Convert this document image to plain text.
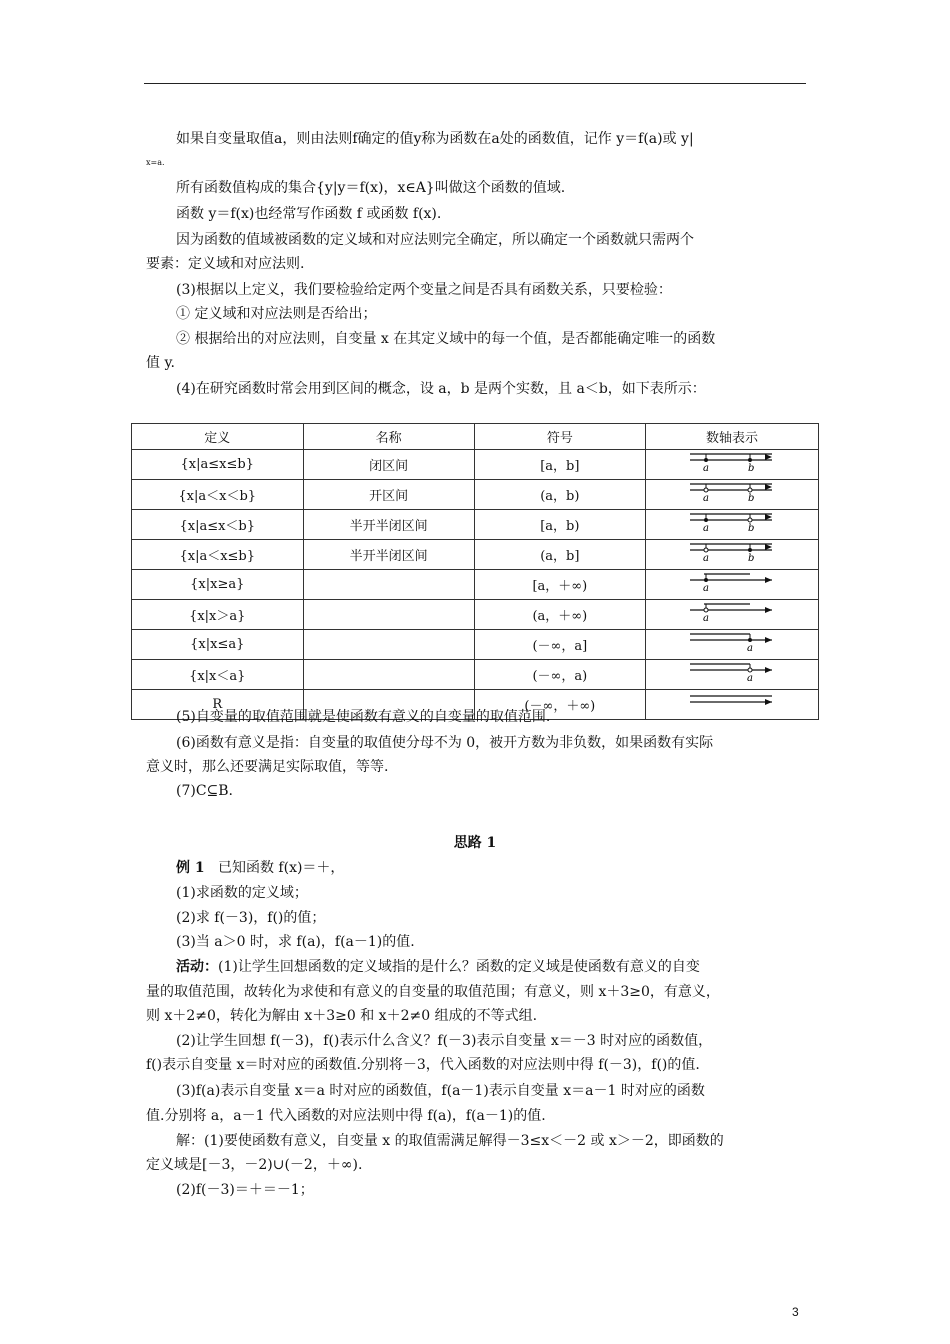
如果自变量取值a，则由法则f确定的值y称为函数在a处的函数值，记作 y＝f(a)或 y|
x=a.
所有函数值构成的集合{y|y＝f(x)，x∈A}叫做这个函数的值域.
函数 y＝f(x)也经常写作函数 f 或函数 f(x).
因为函数的值域被函数的定义域和对应法则完全确定，所以确定一个函数就只需两个
要素：定义域和对应法则.
(3)根据以上定义，我们要检验给定两个变量之间是否具有函数关系，只要检验：
① 定义域和对应法则是否给出；
② 根据给出的对应法则，自变量 x 在其定义域中的每一个值，是否都能确定唯一的函数
值 y.
(4)在研究函数时常会用到区间的概念，设 a，b 是两个实数，且 a＜b，如下表所示：
定义	名称	符号	数轴表示
{x|a≤x≤b}	闭区间	[a，b]	a b

{x|a＜x＜b}	开区间	(a，b)	a b

{x|a≤x＜b}	半开半闭区间	[a，b)	a b

{x|a＜x≤b}	半开半闭区间	(a，b]	a b

{x|x≥a}		[a，＋∞)	a

{x|x＞a}		(a，＋∞)	a

{x|x≤a}		(－∞，a]	a

{x|x＜a}		(－∞，a)	a

R		(－∞，＋∞)	
(5)自变量的取值范围就是使函数有意义的自变量的取值范围.
(6)函数有意义是指：自变量的取值使分母不为 0，被开方数为非负数，如果函数有实际
意义时，那么还要满足实际取值，等等.
(7)C⊆B.
思路 1
例 1 已知函数 f(x)＝＋，
(1)求函数的定义域；
(2)求 f(－3)，f()的值；
(3)当 a＞0 时，求 f(a)，f(a－1)的值.
活动：(1)让学生回想函数的定义域指的是什么？函数的定义域是使函数有意义的自变
量的取值范围，故转化为求使和有意义的自变量的取值范围；有意义，则 x＋3≥0，有意义，
则 x＋2≠0，转化为解由 x＋3≥0 和 x＋2≠0 组成的不等式组.
(2)让学生回想 f(－3)，f()表示什么含义？f(－3)表示自变量 x＝－3 时对应的函数值，
f()表示自变量 x＝时对应的函数值.分别将－3，代入函数的对应法则中得 f(－3)，f()的值.
(3)f(a)表示自变量 x＝a 时对应的函数值，f(a－1)表示自变量 x＝a－1 时对应的函数
值.分别将 a，a－1 代入函数的对应法则中得 f(a)，f(a－1)的值.
解：(1)要使函数有意义，自变量 x 的取值需满足解得－3≤x＜－2 或 x＞－2，即函数的
定义域是[－3，－2)∪(－2，＋∞).
(2)f(－3)＝＋＝－1；
3
